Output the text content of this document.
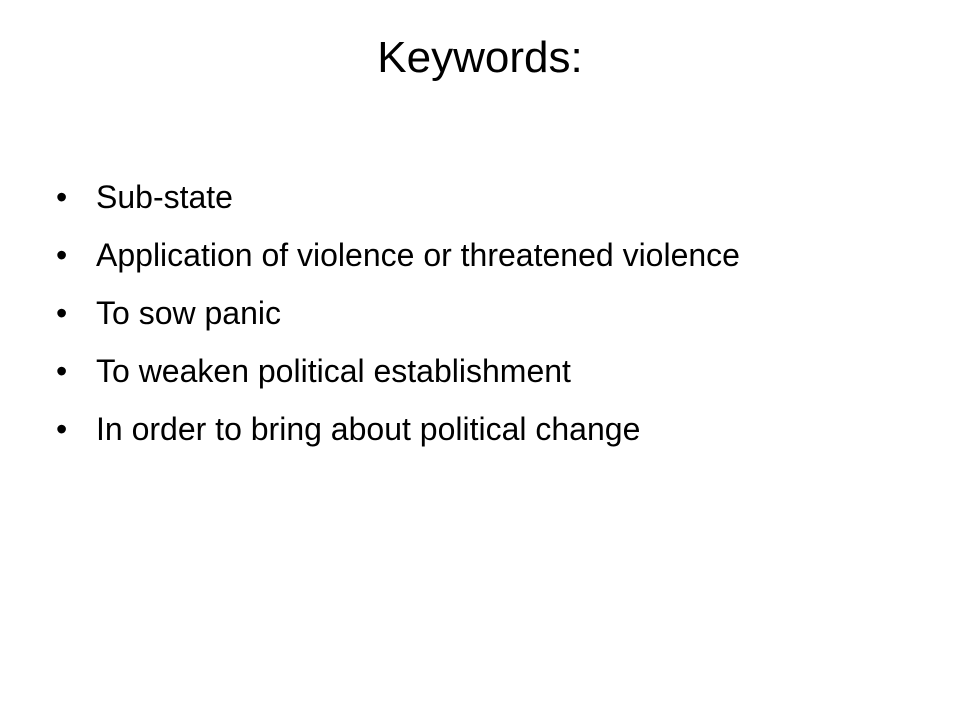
Keywords:
• Sub-state
• Application of violence or threatened violence
• To sow panic
• To weaken political establishment
• In order to bring about political change
